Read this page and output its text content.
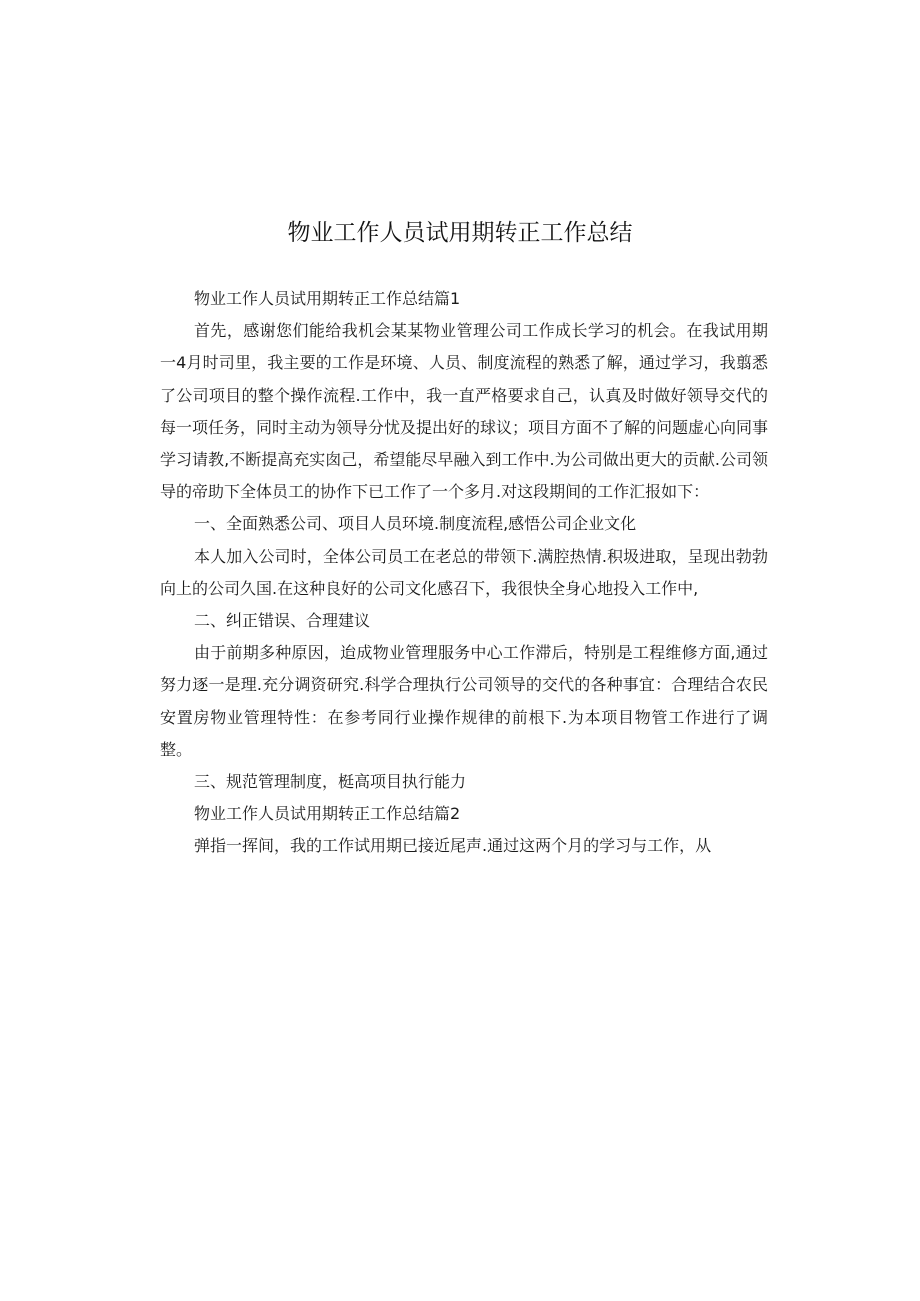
物业工作人员试用期转正工作总结

物业工作人员试用期转正工作总结篇1

首先，感谢您们能给我机会某某物业管理公司工作成长学习的机会。在我试用期一4月时司里，我主要的工作是环境、人员、制度流程的熟悉了解，通过学习，我翦悉了公司项目的整个操作流程.工作中，我一直严格要求自己，认真及时做好领导交代的每一项任务，同时主动为领导分忧及提出好的球议；项目方面不了解的问题虚心向同事学习请教,不断提高充实囱己，希望能尽早融入到工作中.为公司做出更大的贡献.公司领导的帝助下全体员工的协作下已工作了一个多月.对这段期间的工作汇报如下：

一、全面熟悉公司、项目人员环境.制度流程,感悟公司企业文化

本人加入公司时，全体公司员工在老总的带领下.满腔热情.积圾进取，呈现出勃勃向上的公司久国.在这种良好的公司文化感召下，我很快全身心地投入工作中,

二、纠正错误、合理建议

由于前期多种原因，迨成物业管理服务中心工作滞后，特别是工程维修方面,通过努力逐一是理.充分调资研究.科学合理执行公司领导的交代的各种事宜：合理结合农民安置房物业管理特性：在参考同行业操作规律的前根下.为本项目物管工作进行了调整。

三、规范管理制度，梃高项目执行能力

物业工作人员试用期转正工作总结篇2

弹指一挥间，我的工作试用期已接近尾声.通过这两个月的学习与工作，从
